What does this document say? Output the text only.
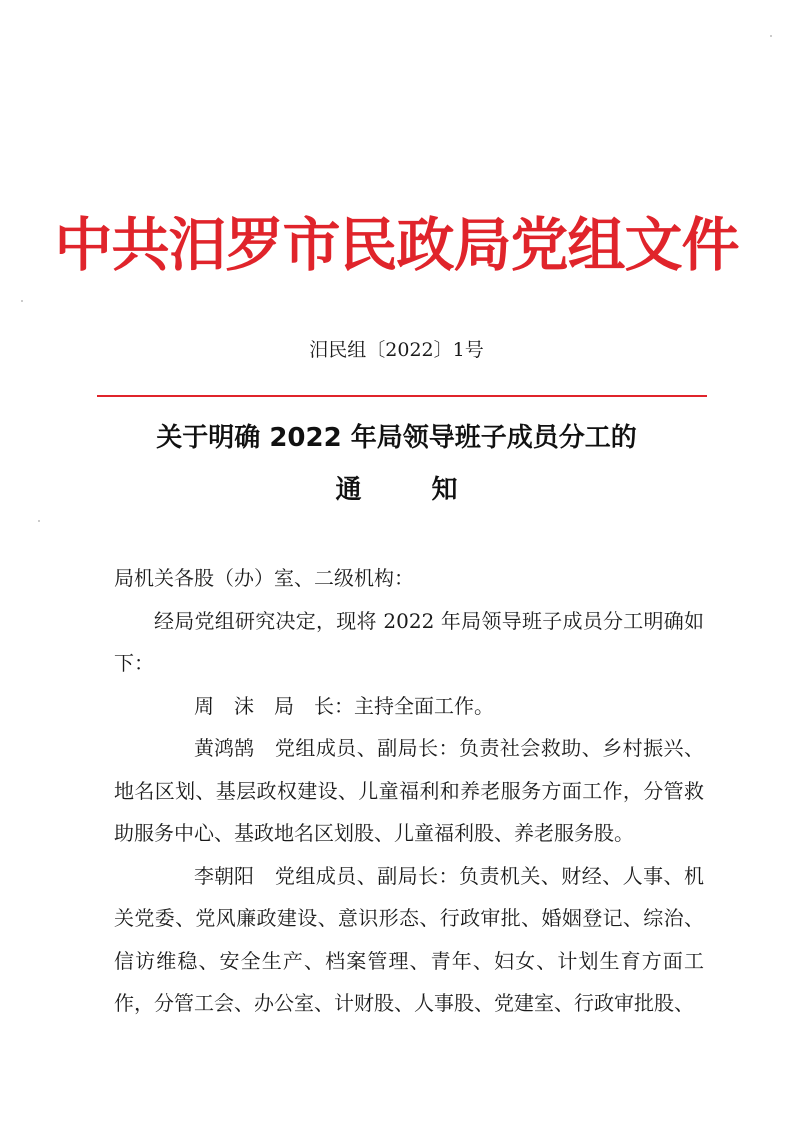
中共汨罗市民政局党组文件
汨民组〔2022〕1号
关于明确 2022 年局领导班子成员分工的
通	知

局机关各股（办）室、二级机构：

经局党组研究决定，现将 2022 年局领导班子成员分工明确如下：

周　沫　 局　长：主持全面工作。

黄鸿鹄　 党组成员、副局长：负责社会救助、乡村振兴、地名区划、基层政权建设、儿童福利和养老服务方面工作，分管救助服务中心、基政地名区划股、儿童福利股、养老服务股。

李朝阳　 党组成员、副局长：负责机关、财经、人事、机关党委、党风廉政建设、意识形态、行政审批、婚姻登记、综治、信访维稳、安全生产、档案管理、青年、妇女、计划生育方面工作，分管工会、办公室、计财股、人事股、党建室、行政审批股、
